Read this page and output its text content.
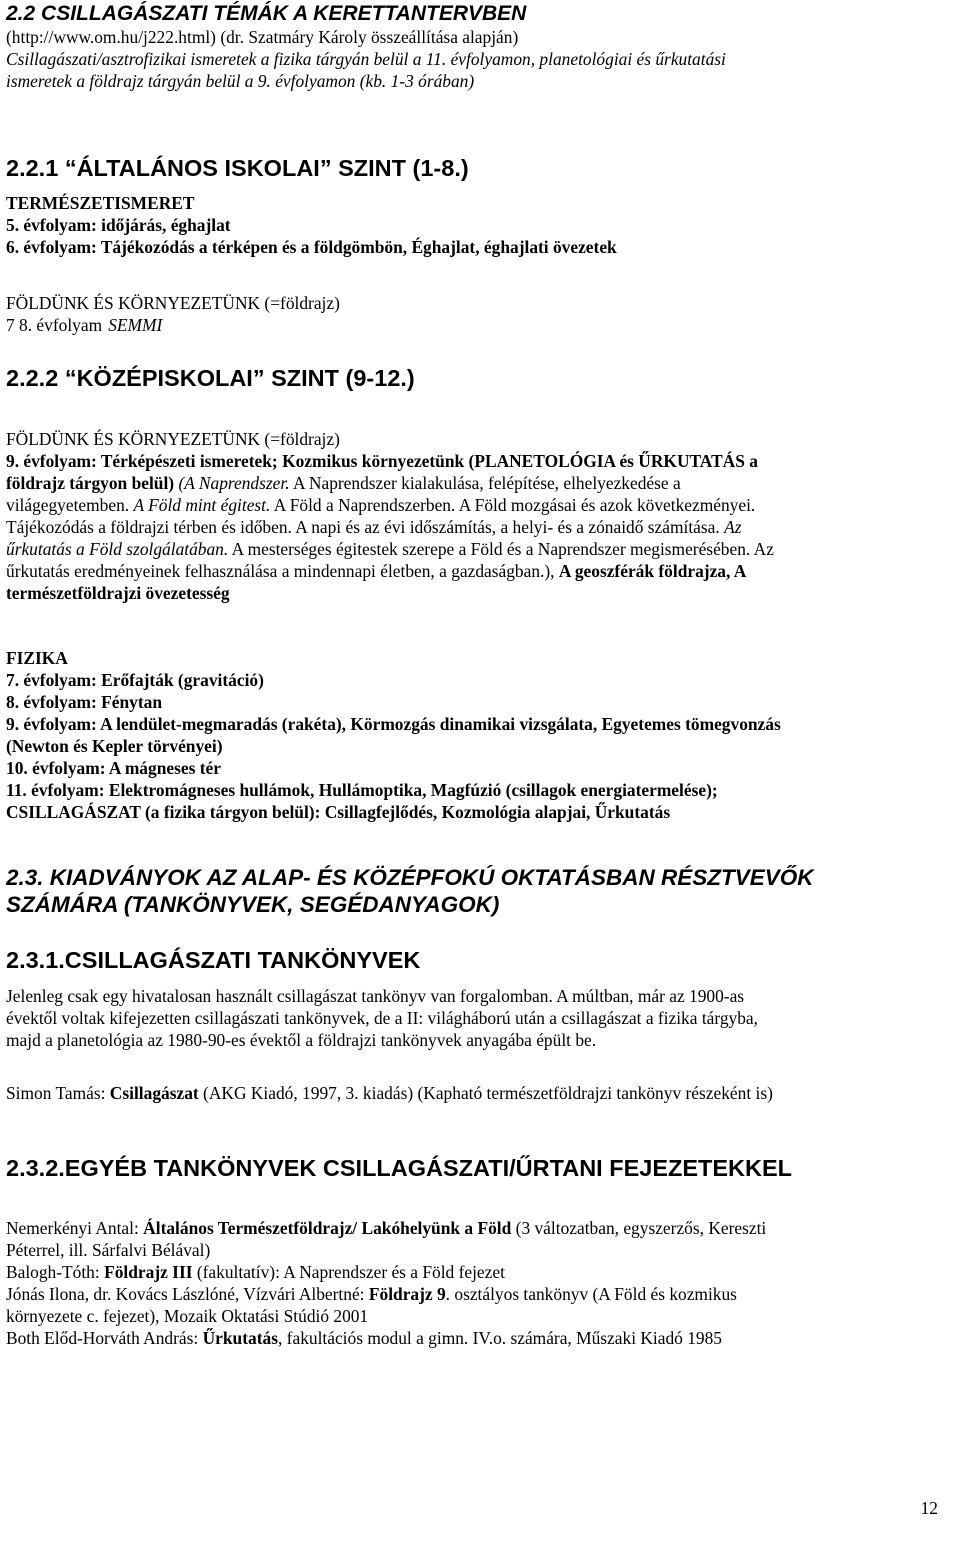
2.2 CSILLAGÁSZATI TÉMÁK A KERETTANTERVBEN
(http://www.om.hu/j222.html) (dr. Szatmáry Károly összeállítása alapján)
Csillagászati/asztrofizikai ismeretek a fizika tárgyán belül a 11. évfolyamon, planetológiai és űrkutatási
ismeretek a földrajz tárgyán belül a 9. évfolyamon (kb. 1-3 órában)
2.2.1 “ÁLTALÁNOS ISKOLAI” SZINT (1-8.)
TERMÉSZETISMERET
5. évfolyam: időjárás, éghajlat
6. évfolyam: Tájékozódás a térképen és a földgömbön, Éghajlat, éghajlati övezetek
FÖLDÜNK ÉS KÖRNYEZETÜNK (=földrajz)
7 8. évfolyam SEMMI
2.2.2 “KÖZÉPISKOLAI” SZINT (9-12.)
FÖLDÜNK ÉS KÖRNYEZETÜNK (=földrajz)
9. évfolyam: Térképészeti ismeretek; Kozmikus környezetünk (PLANETOLÓGIA és ŰRKUTATÁS a
földrajz tárgyon belül) (A Naprendszer. A Naprendszer kialakulása, felépítése, elhelyezkedése a
világegyetemben. A Föld mint égitest. A Föld a Naprendszerben. A Föld mozgásai és azok következményei.
Tájékozódás a földrajzi térben és időben. A napi és az évi időszámítás, a helyi- és a zónaidő számítása. Az
űrkutatás a Föld szolgálatában. A mesterséges égitestek szerepe a Föld és a Naprendszer megismerésében. Az
űrkutatás eredményeinek felhasználása a mindennapi életben, a gazdaságban.), A geoszférák földrajza, A
természetföldrajzi övezetesség
FIZIKA
7. évfolyam: Erőfajták (gravitáció)
8. évfolyam: Fénytan
9. évfolyam: A lendület-megmaradás (rakéta), Körmozgás dinamikai vizsgálata, Egyetemes tömegvonzás
(Newton és Kepler törvényei)
10. évfolyam: A mágneses tér
11. évfolyam: Elektromágneses hullámok, Hullámoptika, Magfúzió (csillagok energiatermelése);
CSILLAGÁSZAT (a fizika tárgyon belül): Csillagfejlődés, Kozmológia alapjai, Űrkutatás
2.3. KIADVÁNYOK AZ ALAP- ÉS KÖZÉPFOKÚ OKTATÁSBAN RÉSZTVEVŐK
SZÁMÁRA (TANKÖNYVEK, SEGÉDANYAGOK)
2.3.1.CSILLAGÁSZATI TANKÖNYVEK
Jelenleg csak egy hivatalosan használt csillagászat tankönyv van forgalomban. A múltban, már az 1900-as
évektől voltak kifejezetten csillagászati tankönyvek, de a II: világháború után a csillagászat a fizika tárgyba,
majd a planetológia az 1980-90-es évektől a földrajzi tankönyvek anyagába épült be.
Simon Tamás: Csillagászat (AKG Kiadó, 1997, 3. kiadás) (Kapható természetföldrajzi tankönyv részeként is)
2.3.2.EGYÉB TANKÖNYVEK CSILLAGÁSZATI/ŰRTANI FEJEZETEKKEL
Nemerkényi Antal: Általános Természetföldrajz/ Lakóhelyünk a Föld (3 változatban, egyszerzős, Kereszti
Péterrel, ill. Sárfalvi Bélával)
Balogh-Tóth: Földrajz III (fakultatív): A Naprendszer és a Föld fejezet
Jónás Ilona, dr. Kovács Lászlóné, Vízvári Albertné: Földrajz 9. osztályos tankönyv (A Föld és kozmikus
környezete c. fejezet), Mozaik Oktatási Stúdió 2001
Both Előd-Horváth András: Űrkutatás, fakultációs modul a gimn. IV.o. számára, Műszaki Kiadó 1985
12
